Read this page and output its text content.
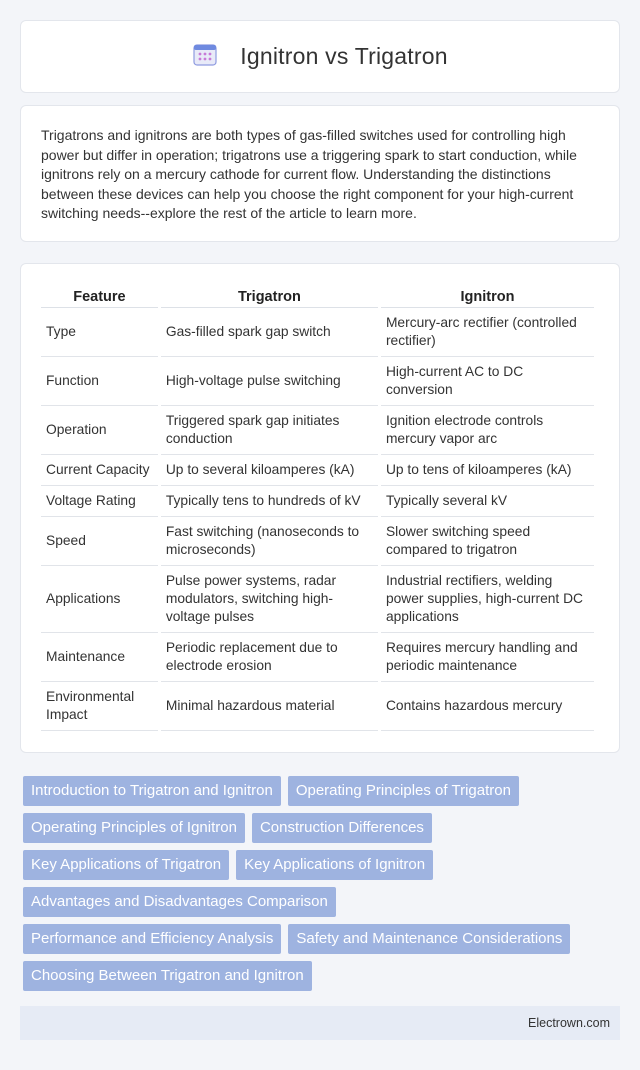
Ignitron vs Trigatron

Trigatrons and ignitrons are both types of gas-filled switches used for controlling high power but differ in operation; trigatrons use a triggering spark to start conduction, while ignitrons rely on a mercury cathode for current flow. Understanding the distinctions between these devices can help you choose the right component for your high-current switching needs--explore the rest of the article to learn more.

Feature	Trigatron	Ignitron
Type	Gas-filled spark gap switch	Mercury-arc rectifier (controlled rectifier)
Function	High-voltage pulse switching	High-current AC to DC conversion
Operation	Triggered spark gap initiates conduction	Ignition electrode controls mercury vapor arc
Current Capacity	Up to several kiloamperes (kA)	Up to tens of kiloamperes (kA)
Voltage Rating	Typically tens to hundreds of kV	Typically several kV
Speed	Fast switching (nanoseconds to microseconds)	Slower switching speed compared to trigatron
Applications	Pulse power systems, radar modulators, switching high-voltage pulses	Industrial rectifiers, welding power supplies, high-current DC applications
Maintenance	Periodic replacement due to electrode erosion	Requires mercury handling and periodic maintenance
Environmental Impact	Minimal hazardous material	Contains hazardous mercury
Introduction to Trigatron and Ignitron	Operating Principles of Trigatron
Operating Principles of Ignitron	Construction Differences
Key Applications of Trigatron	Key Applications of Ignitron
Advantages and Disadvantages Comparison
Performance and Efficiency Analysis	Safety and Maintenance Considerations
Choosing Between Trigatron and Ignitron
Electrown.com
